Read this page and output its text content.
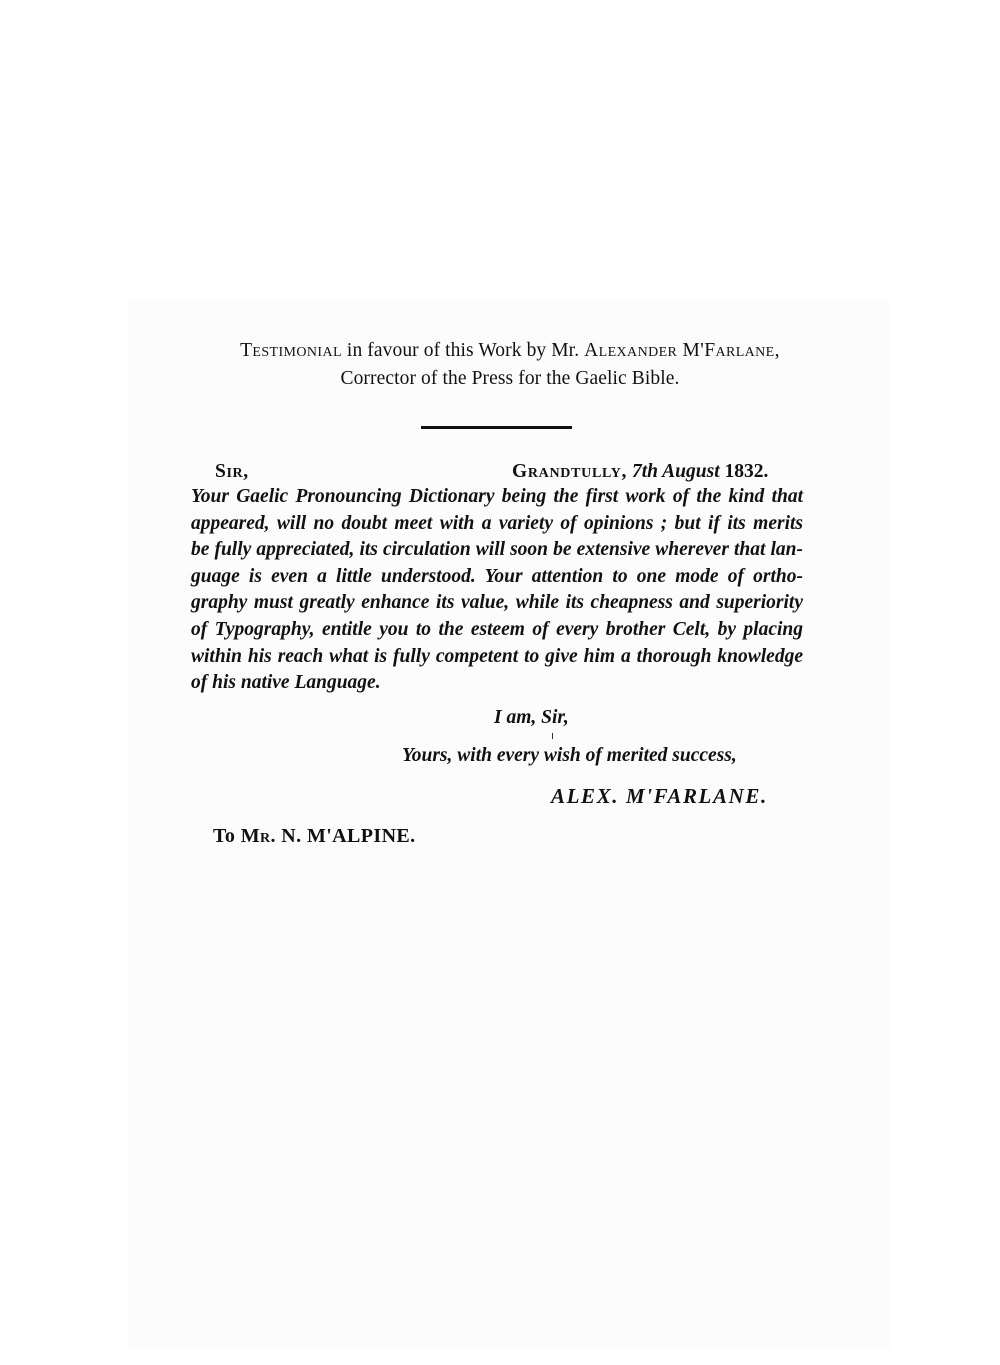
Testimonial in favour of this Work by Mr. Alexander M'Farlane,
Corrector of the Press for the Gaelic Bible.
Sir,	Grandtully, 7th August 1832.
Your Gaelic Pronouncing Dictionary being the first work of the kind that
appeared, will no doubt meet with a variety of opinions ; but if its merits
be fully appreciated, its circulation will soon be extensive wherever that lan-
guage is even a little understood. Your attention to one mode of ortho-
graphy must greatly enhance its value, while its cheapness and superiority
of Typography, entitle you to the esteem of every brother Celt, by placing
within his reach what is fully competent to give him a thorough knowledge
of his native Language.
I am, Sir,
Yours, with every wish of merited success,
ALEX. M'FARLANE.
To Mr. N. M'ALPINE.
